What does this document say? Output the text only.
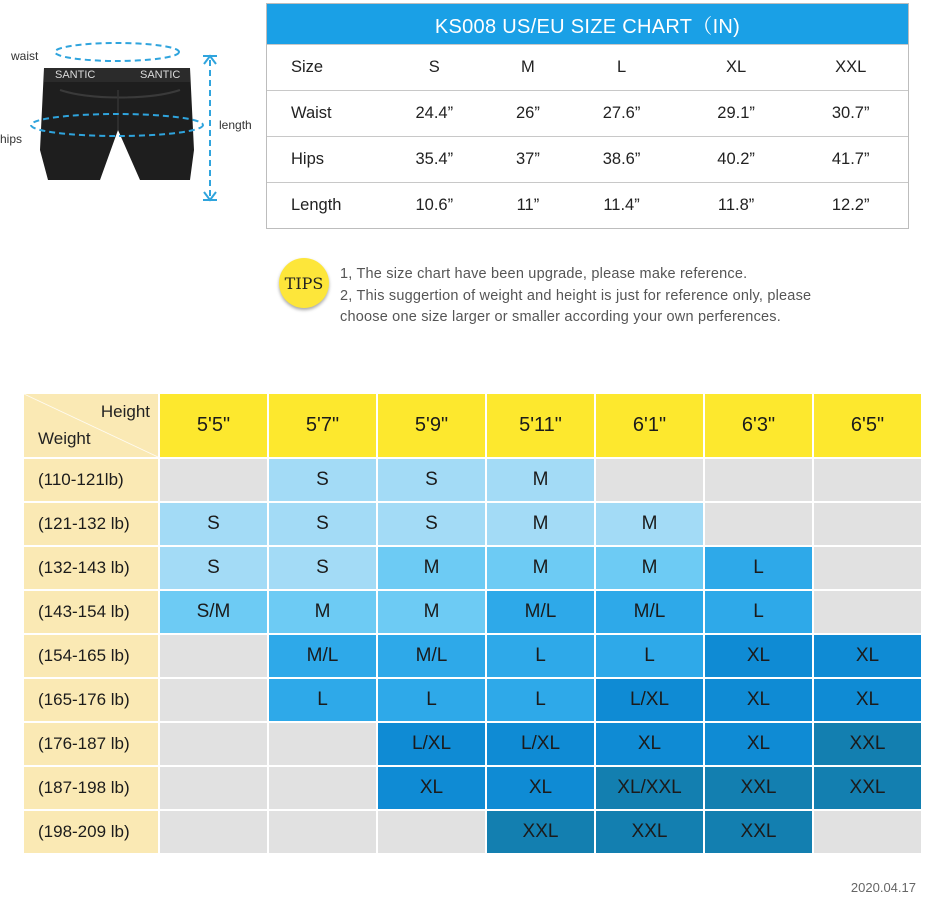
SANTIC	SANTIC
waist
hips
length
KS008 US/EU SIZE CHART（IN)
Size	S	M	L	XL	XXL
Waist	24.4”	26”	27.6”	29.1”	30.7”
Hips	35.4”	37”	38.6”	40.2”	41.7”
Length	10.6”	11”	11.4”	11.8”	12.2”
TIPS	1, The size chart have been upgrade, please make reference.
2, This suggertion of weight and height is just for reference only, please
choose one size larger or smaller according your own perferences.
Height
Weight	5'5"	5'7"	5'9"	5'11"	6'1"	6'3"	6'5"
(110-121lb)		S	S	M			
(121-132 lb)	S	S	S	M	M		
(132-143 lb)	S	S	M	M	M	L	
(143-154 lb)	S/M	M	M	M/L	M/L	L	
(154-165 lb)		M/L	M/L	L	L	XL	XL
(165-176 lb)		L	L	L	L/XL	XL	XL
(176-187 lb)			L/XL	L/XL	XL	XL	XXL
(187-198 lb)			XL	XL	XL/XXL	XXL	XXL
(198-209 lb)				XXL	XXL	XXL	
2020.04.17
